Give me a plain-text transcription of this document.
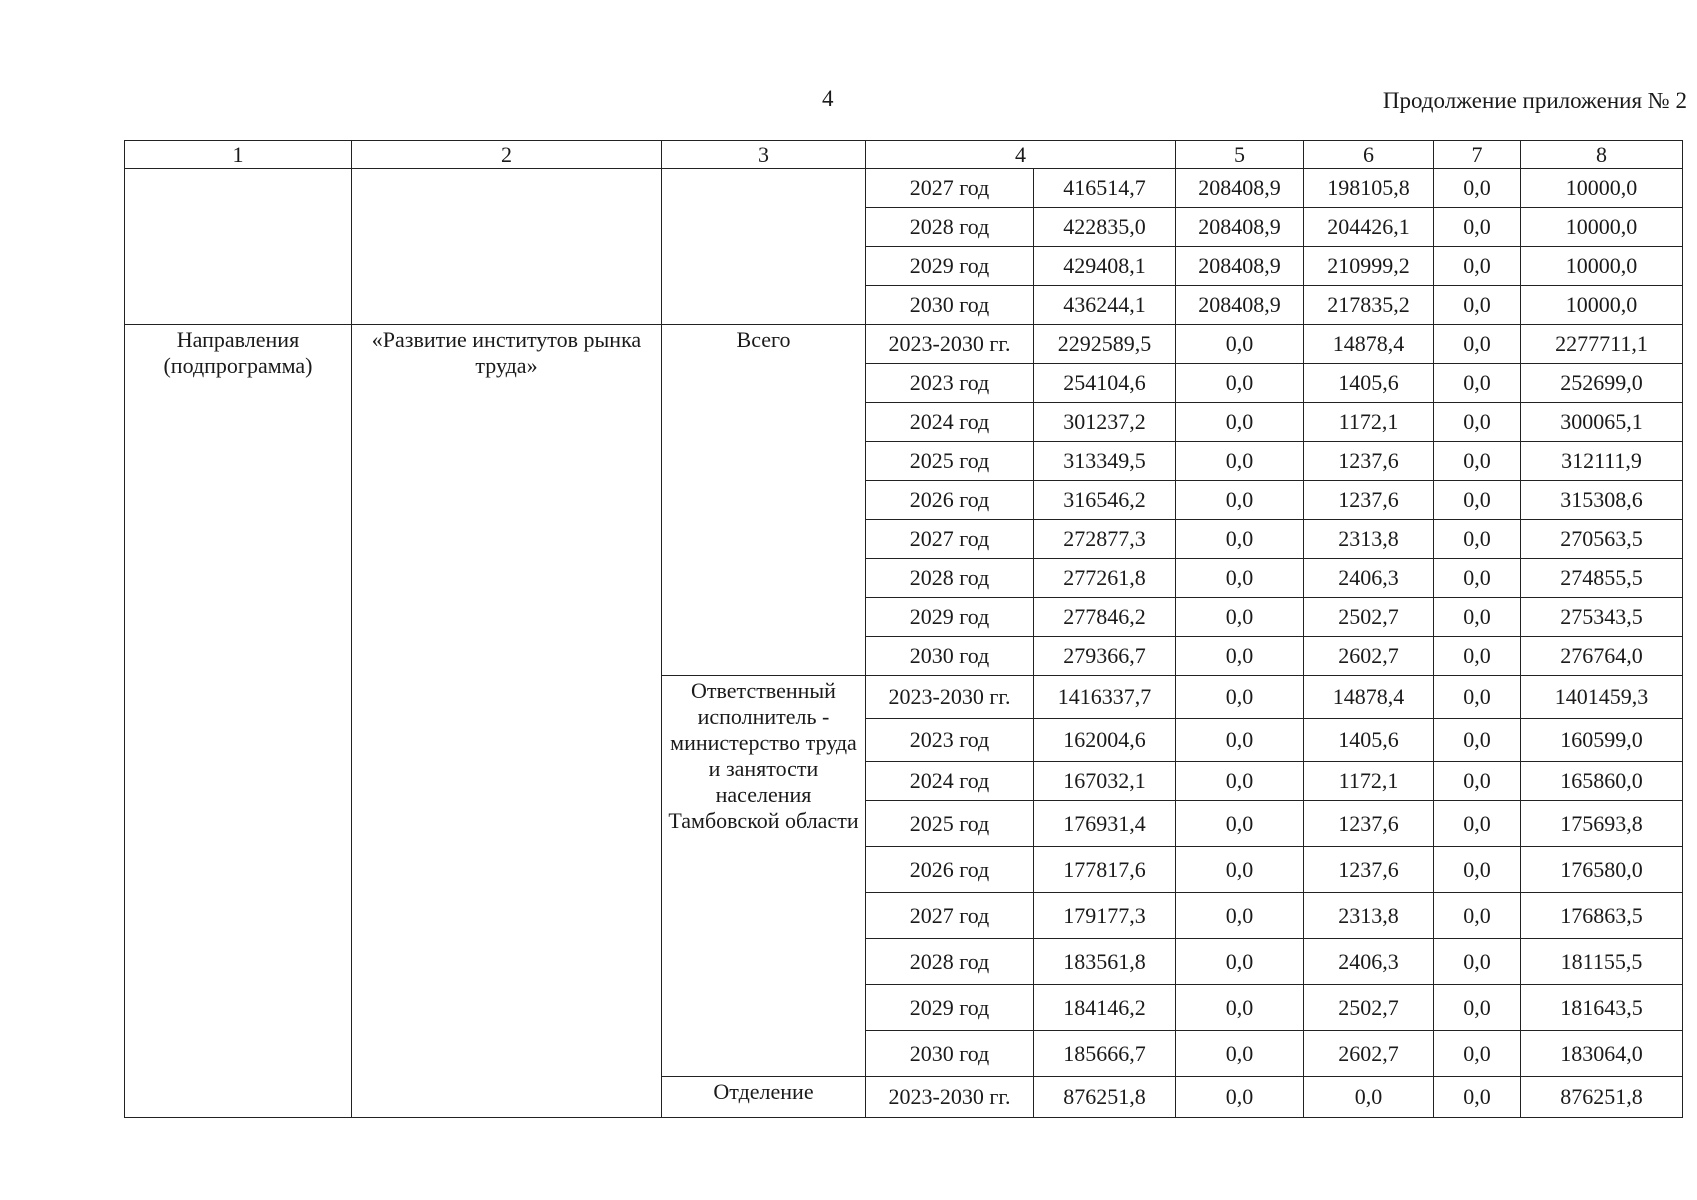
4	Продолжение приложения № 2
1	2	3	4		5	6	7	8
			2027 год	416514,7	208408,9	198105,8	0,0	10000,0
			2028 год	422835,0	208408,9	204426,1	0,0	10000,0
			2029 год	429408,1	208408,9	210999,2	0,0	10000,0
			2030 год	436244,1	208408,9	217835,2	0,0	10000,0
Направления (подпрограмма)	«Развитие институтов рынка труда»	Всего	2023-2030 гг.	2292589,5	0,0	14878,4	0,0	2277711,1
			2023 год	254104,6	0,0	1405,6	0,0	252699,0
			2024 год	301237,2	0,0	1172,1	0,0	300065,1
			2025 год	313349,5	0,0	1237,6	0,0	312111,9
			2026 год	316546,2	0,0	1237,6	0,0	315308,6
			2027 год	272877,3	0,0	2313,8	0,0	270563,5
			2028 год	277261,8	0,0	2406,3	0,0	274855,5
			2029 год	277846,2	0,0	2502,7	0,0	275343,5
			2030 год	279366,7	0,0	2602,7	0,0	276764,0
		Ответственный исполнитель - министерство труда и занятости населения Тамбовской области	2023-2030 гг.	1416337,7	0,0	14878,4	0,0	1401459,3
			2023 год	162004,6	0,0	1405,6	0,0	160599,0
			2024 год	167032,1	0,0	1172,1	0,0	165860,0
			2025 год	176931,4	0,0	1237,6	0,0	175693,8
			2026 год	177817,6	0,0	1237,6	0,0	176580,0
			2027 год	179177,3	0,0	2313,8	0,0	176863,5
			2028 год	183561,8	0,0	2406,3	0,0	181155,5
			2029 год	184146,2	0,0	2502,7	0,0	181643,5
			2030 год	185666,7	0,0	2602,7	0,0	183064,0
		Отделение	2023-2030 гг.	876251,8	0,0	0,0	0,0	876251,8
